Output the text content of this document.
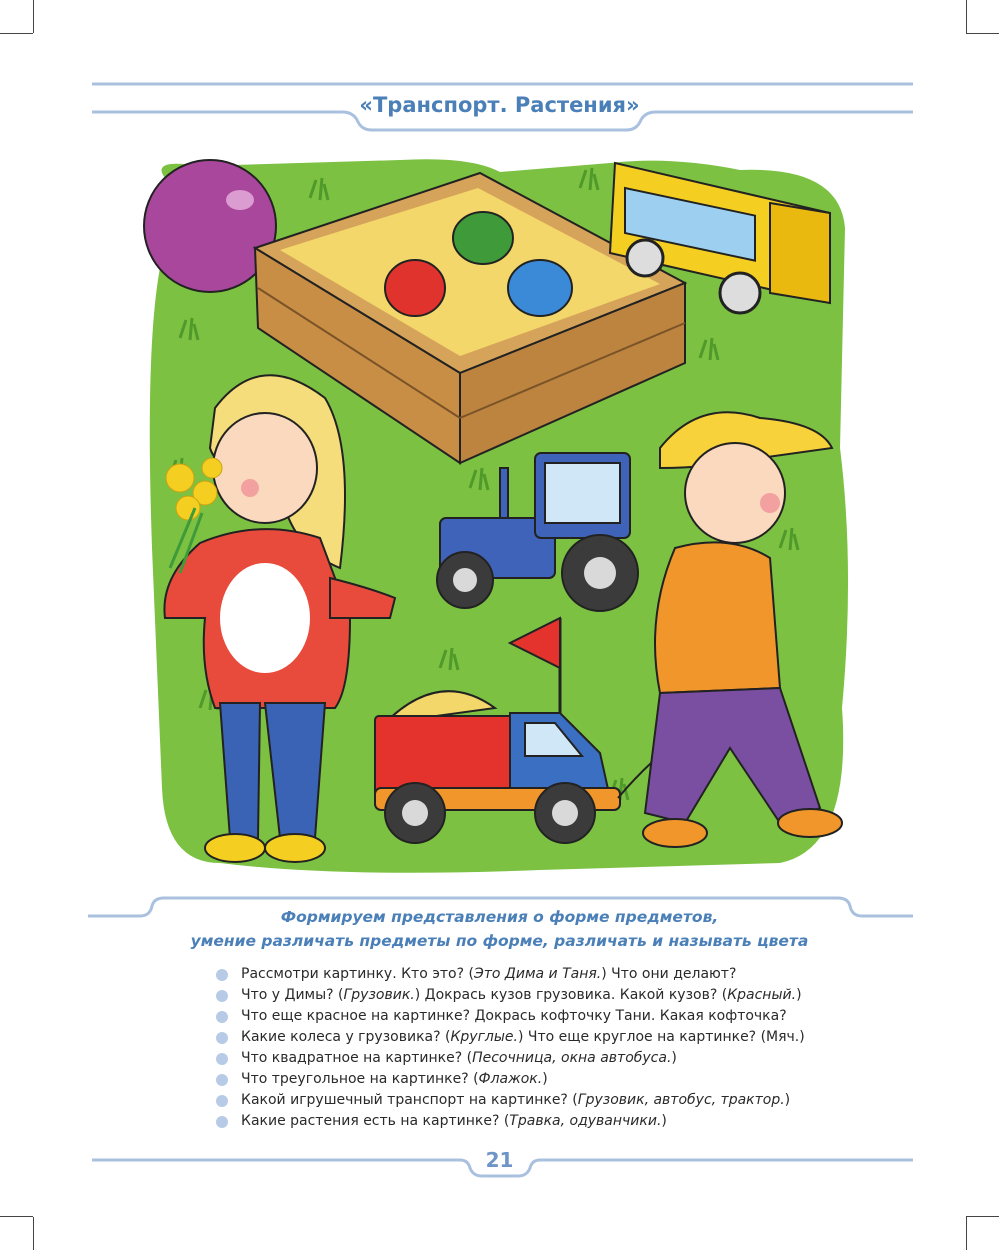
«Транспорт. Растения»
Формируем представления о форме предметов,
умение различать предметы по форме, различать и называть цвета
Рассмотри картинку. Кто это? (Это Дима и Таня.) Что они делают?
Что у Димы? (Грузовик.) Докрась кузов грузовика. Какой кузов? (Красный.)
Что еще красное на картинке? Докрась кофточку Тани. Какая кофточка?
Какие колеса у грузовика? (Круглые.) Что еще круглое на картинке? (Мяч.)
Что квадратное на картинке? (Песочница, окна автобуса.)
Что треугольное на картинке? (Флажок.)
Какой игрушечный транспорт на картинке? (Грузовик, автобус, трактор.)
Какие растения есть на картинке? (Травка, одуванчики.)
21
